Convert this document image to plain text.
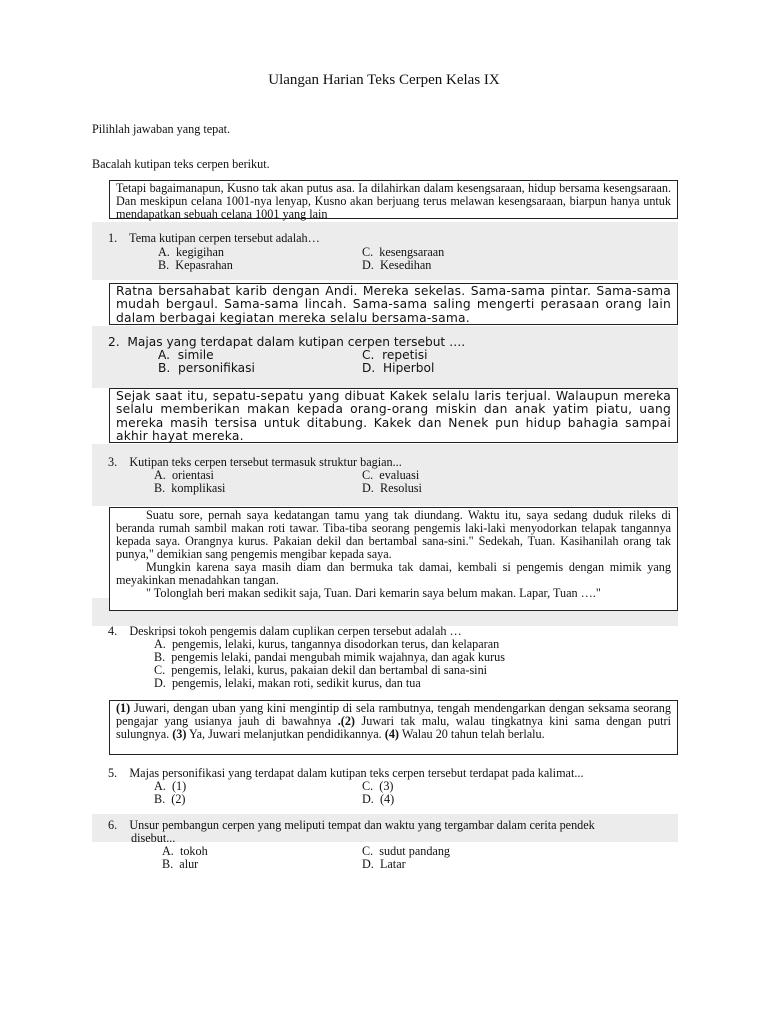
Ulangan Harian Teks Cerpen Kelas IX
Pilihlah jawaban yang tepat.
Bacalah kutipan teks cerpen berikut.

Tetapi bagaimanapun, Kusno tak akan putus asa. Ia dilahirkan dalam kesengsaraan, hidup bersama kesengsaraan. Dan meskipun celana 1001-nya lenyap, Kusno akan berjuang terus melawan kesengsaraan, biarpun hanya untuk mendapatkan sebuah celana 1001 yang lain

1. Tema kutipan cerpen tersebut adalah…
A. kegigihan
B. Kepasrahan
C. kesengsaraan
D. Kesedihan

Ratna bersahabat karib dengan Andi. Mereka sekelas. Sama-sama pintar. Sama-sama mudah bergaul. Sama-sama lincah. Sama-sama saling mengerti perasaan orang lain dalam berbagai kegiatan mereka selalu bersama-sama.

2. Majas yang terdapat dalam kutipan cerpen tersebut ….
A. simile
B. personifikasi
C. repetisi
D. Hiperbol

Sejak saat itu, sepatu-sepatu yang dibuat Kakek selalu laris terjual. Walaupun mereka selalu memberikan makan kepada orang-orang miskin dan anak yatim piatu, uang mereka masih tersisa untuk ditabung. Kakek dan Nenek pun hidup bahagia sampai akhir hayat mereka.

3. Kutipan teks cerpen tersebut termasuk struktur bagian...
A. orientasi
B. komplikasi
C. evaluasi
D. Resolusi

Suatu sore, pernah saya kedatangan tamu yang tak diundang. Waktu itu, saya sedang duduk rileks di beranda rumah sambil makan roti tawar. Tiba-tiba seorang pengemis laki-laki menyodorkan telapak tangannya kepada saya. Orangnya kurus. Pakaian dekil dan bertambal sana-sini." Sedekah, Tuan. Kasihanilah orang tak punya," demikian sang pengemis mengibar kepada saya.

Mungkin karena saya masih diam dan bermuka tak damai, kembali si pengemis dengan mimik yang meyakinkan menadahkan tangan.

" Tolonglah beri makan sedikit saja, Tuan. Dari kemarin saya belum makan. Lapar, Tuan …."

4. Deskripsi tokoh pengemis dalam cuplikan cerpen tersebut adalah …
A. pengemis, lelaki, kurus, tangannya disodorkan terus, dan kelaparan
B. pengemis lelaki, pandai mengubah mimik wajahnya, dan agak kurus
C. pengemis, lelaki, kurus, pakaian dekil dan bertambal di sana-sini
D. pengemis, lelaki, makan roti, sedikit kurus, dan tua

(1) Juwari, dengan uban yang kini mengintip di sela rambutnya, tengah mendengarkan dengan seksama seorang pengajar yang usianya jauh di bawahnya .(2) Juwari tak malu, walau tingkatnya kini sama dengan putri sulungnya. (3) Ya, Juwari melanjutkan pendidikannya. (4) Walau 20 tahun telah berlalu.

5. Majas personifikasi yang terdapat dalam kutipan teks cerpen tersebut terdapat pada kalimat...
A. (1)
B. (2)
C. (3)
D. (4)
6. Unsur pembangun cerpen yang meliputi tempat dan waktu yang tergambar dalam cerita pendek
disebut...
A. tokoh
B. alur
C. sudut pandang
D. Latar
